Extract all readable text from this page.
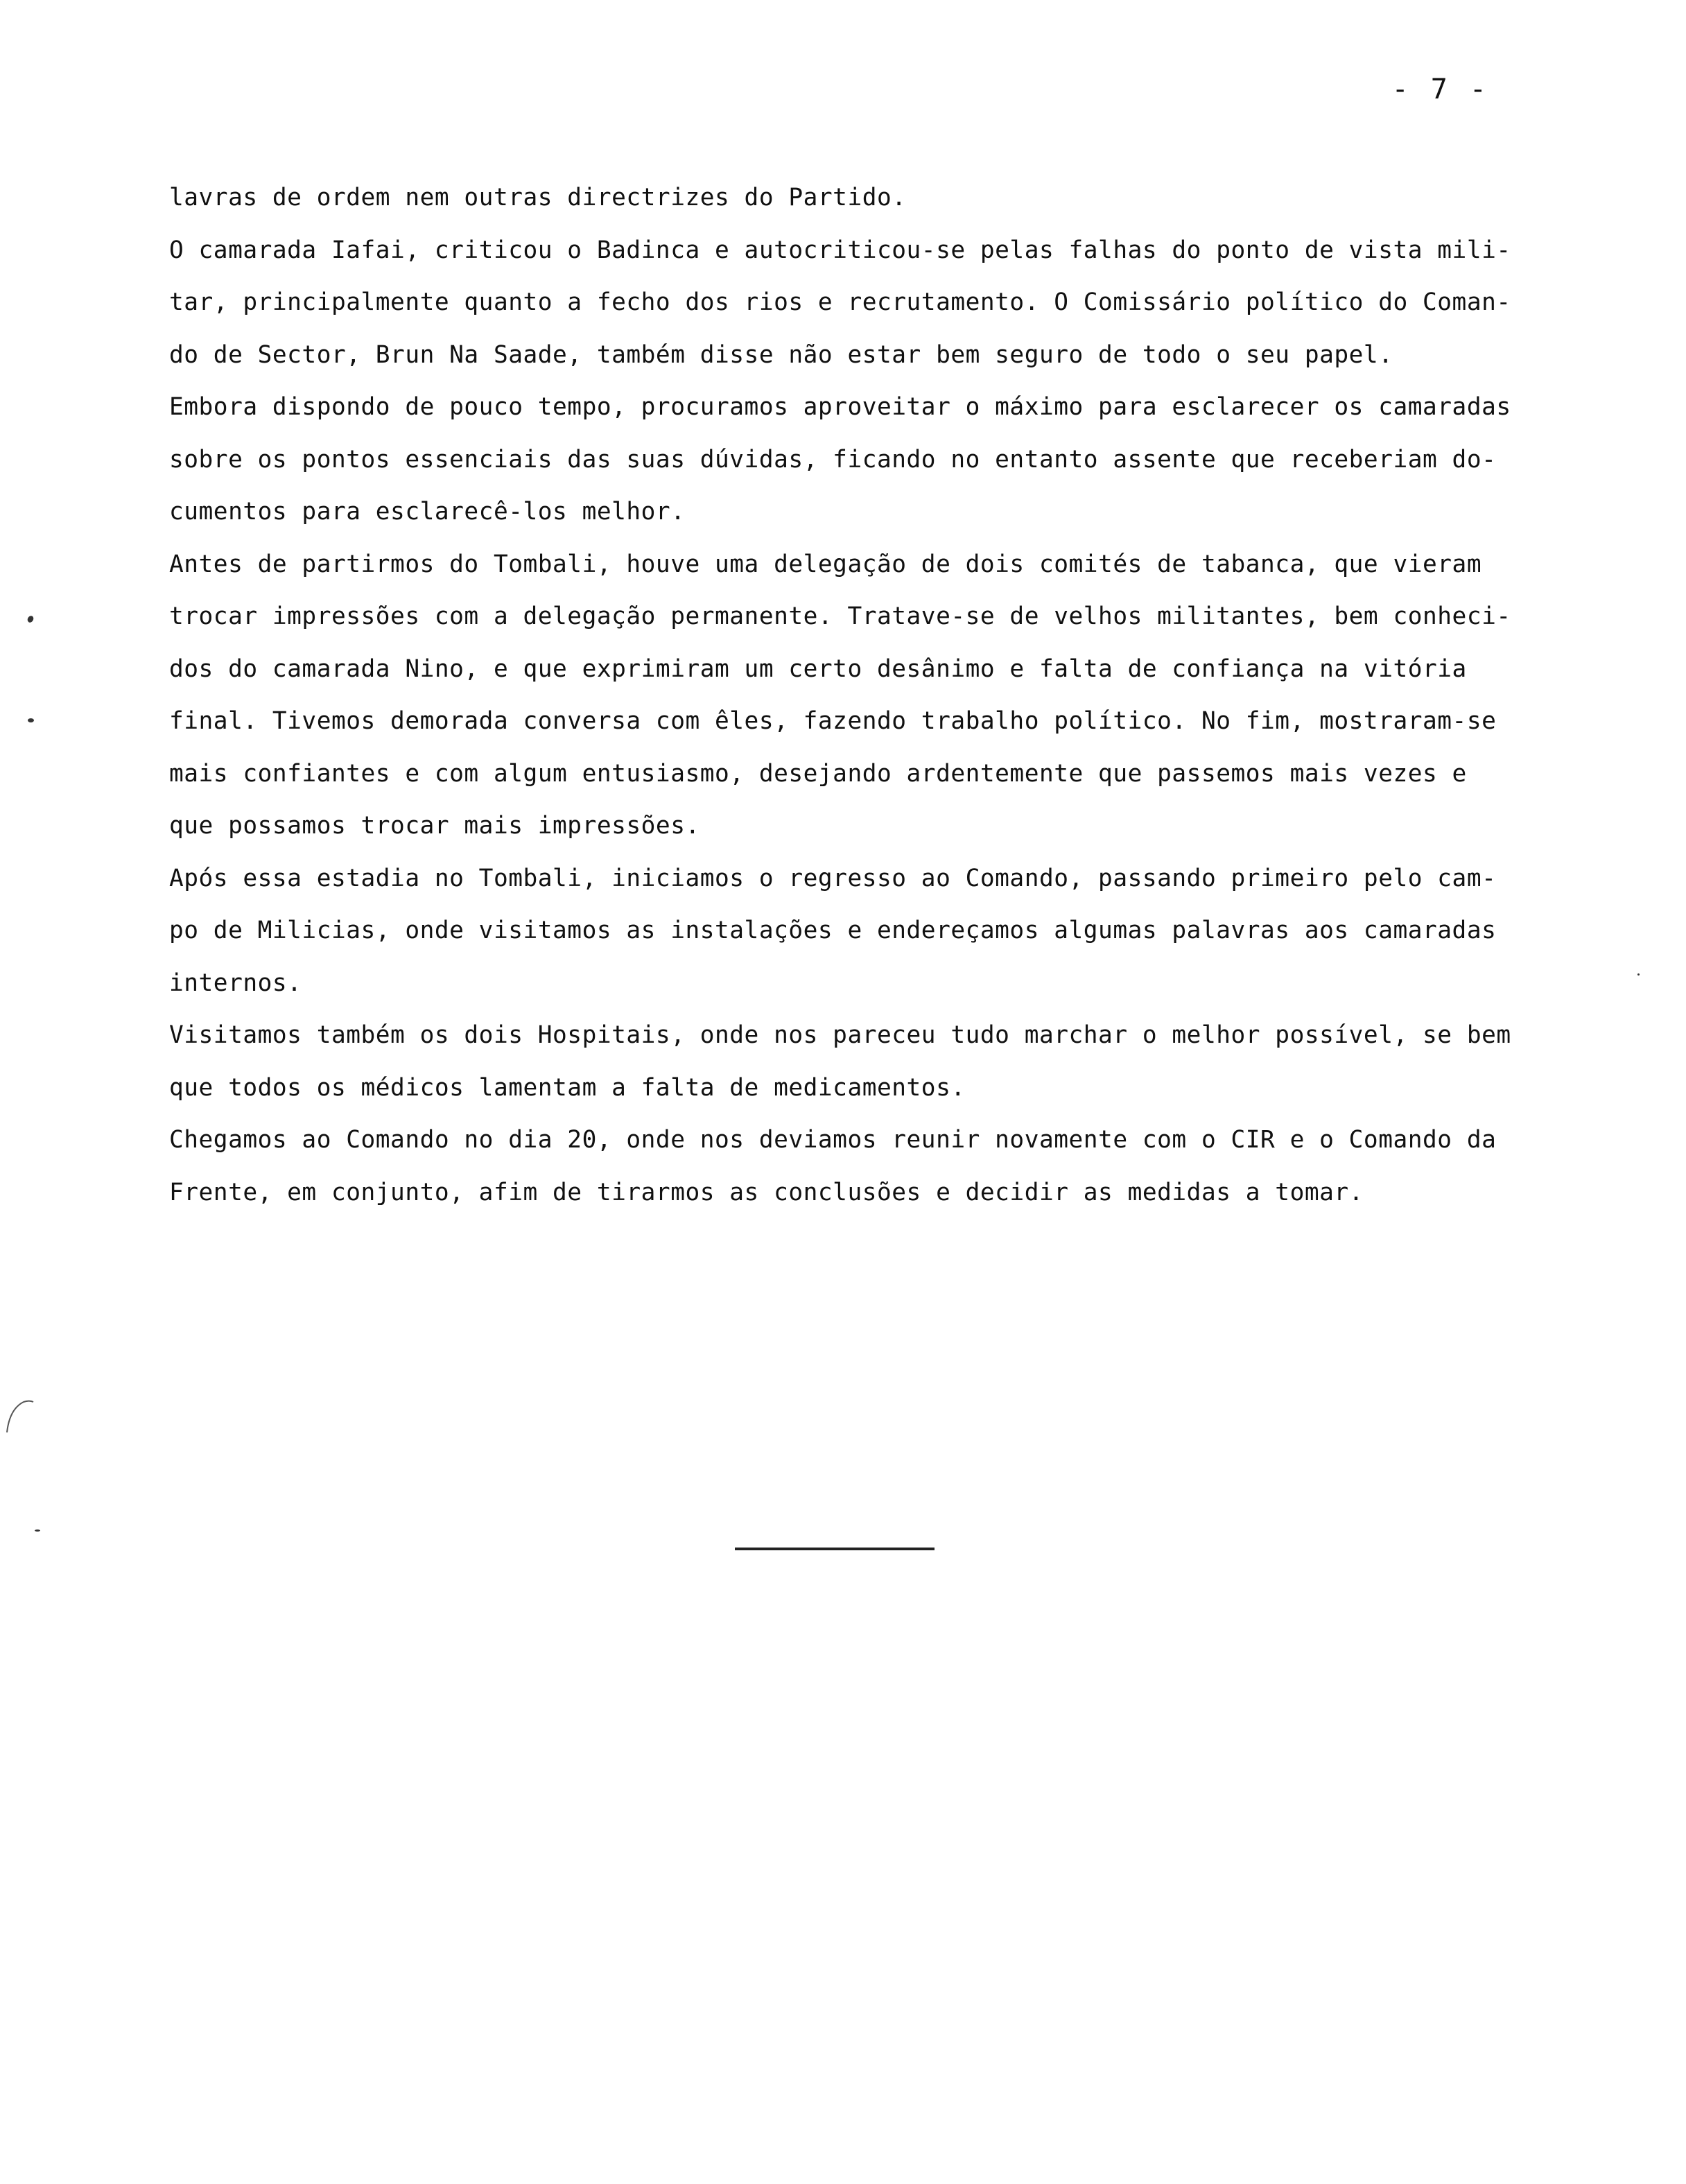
- 7 -
lavras de ordem nem outras directrizes do Partido.
O camarada Iafai, criticou o Badinca e autocriticou-se pelas falhas do ponto de vista mili-
tar, principalmente quanto a fecho dos rios e recrutamento. O Comissário político do Coman-
do de Sector, Brun Na Saade, também disse não estar bem seguro de todo o seu papel.
Embora dispondo de pouco tempo, procuramos aproveitar o máximo para esclarecer os camaradas
sobre os pontos essenciais das suas dúvidas, ficando no entanto assente que receberiam do-
cumentos para esclarecê-los melhor.
Antes de partirmos do Tombali, houve uma delegação de dois comités de tabanca, que vieram
trocar impressões com a delegação permanente. Tratave-se de velhos militantes, bem conheci-
dos do camarada Nino, e que exprimiram um certo desânimo e falta de confiança na vitória
final. Tivemos demorada conversa com êles, fazendo trabalho político. No fim, mostraram-se
mais confiantes e com algum entusiasmo, desejando ardentemente que passemos mais vezes e
que possamos trocar mais impressões.
Após essa estadia no Tombali, iniciamos o regresso ao Comando, passando primeiro pelo cam-
po de Milicias, onde visitamos as instalações e endereçamos algumas palavras aos camaradas
internos.
Visitamos também os dois Hospitais, onde nos pareceu tudo marchar o melhor possível, se bem
que todos os médicos lamentam a falta de medicamentos.
Chegamos ao Comando no dia 20, onde nos deviamos reunir novamente com o CIR e o Comando da
Frente, em conjunto, afim de tirarmos as conclusões e decidir as medidas a tomar.
